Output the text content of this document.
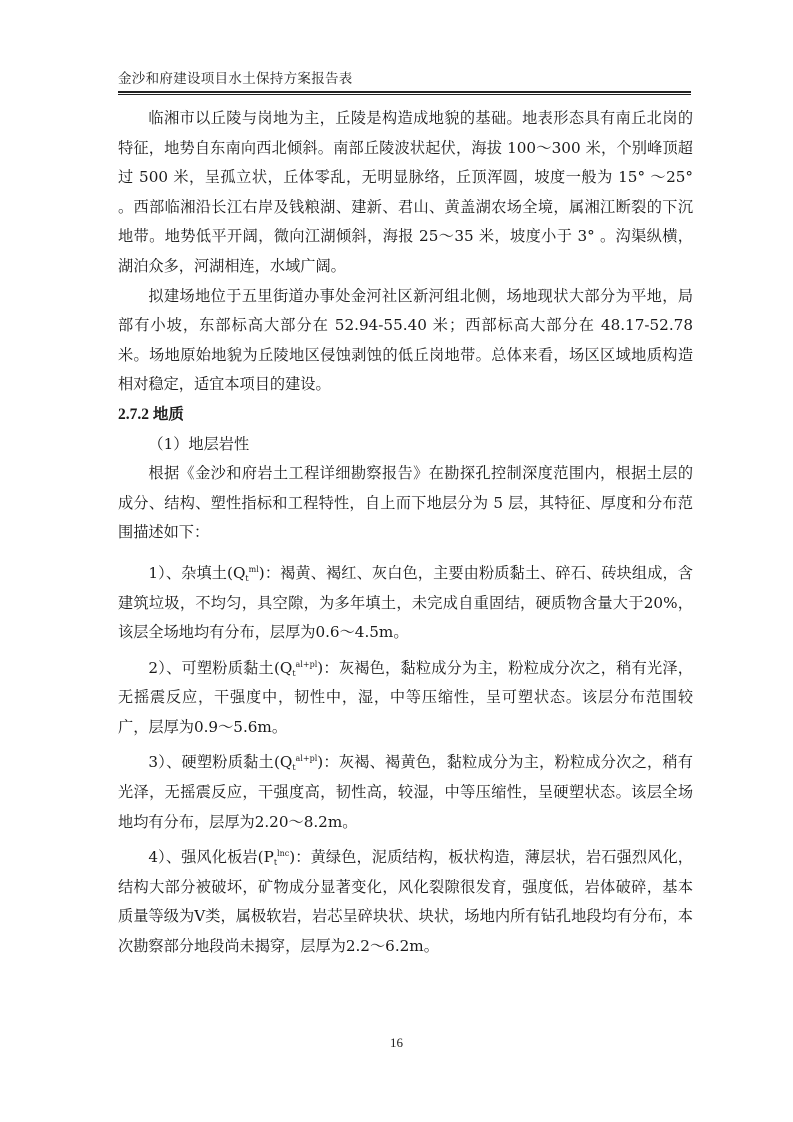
金沙和府建设项目水土保持方案报告表

临湘市以丘陵与岗地为主，丘陵是构造成地貌的基础。地表形态具有南丘北岗的特征，地势自东南向西北倾斜。南部丘陵波状起伏，海拔 100～300 米，个别峰顶超过 500 米，呈孤立状，丘体零乱，无明显脉络，丘顶浑圆，坡度一般为 15° ～25° 。西部临湘沿长江右岸及钱粮湖、建新、君山、黄盖湖农场全境，属湘江断裂的下沉地带。地势低平开阔，微向江湖倾斜，海报 25～35 米，坡度小于 3° 。沟渠纵横，湖泊众多，河湖相连，水域广阔。

拟建场地位于五里街道办事处金河社区新河组北侧，场地现状大部分为平地，局部有小坡，东部标高大部分在 52.94-55.40 米；西部标高大部分在 48.17-52.78 米。场地原始地貌为丘陵地区侵蚀剥蚀的低丘岗地带。总体来看，场区区域地质构造相对稳定，适宜本项目的建设。

2.7.2 地质

（1）地层岩性

根据《金沙和府岩土工程详细勘察报告》在勘探孔控制深度范围内，根据土层的成分、结构、塑性指标和工程特性，自上而下地层分为 5 层，其特征、厚度和分布范围描述如下：

1）、杂填土$(Q_t^{ml})$：褐黄、褐红、灰白色，主要由粉质黏土、碎石、砖块组成，含建筑垃圾，不均匀，具空隙，为多年填土，未完成自重固结，硬质物含量大于20%，该层全场地均有分布，层厚为0.6～4.5m。

2）、可塑粉质黏土$(Q_t^{al+pl})$：灰褐色，黏粒成分为主，粉粒成分次之，稍有光泽，无摇震反应，干强度中，韧性中，湿，中等压缩性，呈可塑状态。该层分布范围较广，层厚为0.9～5.6m。

3）、硬塑粉质黏土$(Q_t^{al+pl})$：灰褐、褐黄色，黏粒成分为主，粉粒成分次之，稍有光泽，无摇震反应，干强度高，韧性高，较湿，中等压缩性，呈硬塑状态。该层全场地均有分布，层厚为2.20～8.2m。

4）、强风化板岩$(P_t^{lnc})$：黄绿色，泥质结构，板状构造，薄层状，岩石强烈风化，结构大部分被破坏，矿物成分显著变化，风化裂隙很发育，强度低，岩体破碎，基本质量等级为Ⅴ类，属极软岩，岩芯呈碎块状、块状，场地内所有钻孔地段均有分布，本次勘察部分地段尚未揭穿，层厚为2.2～6.2m。

16
